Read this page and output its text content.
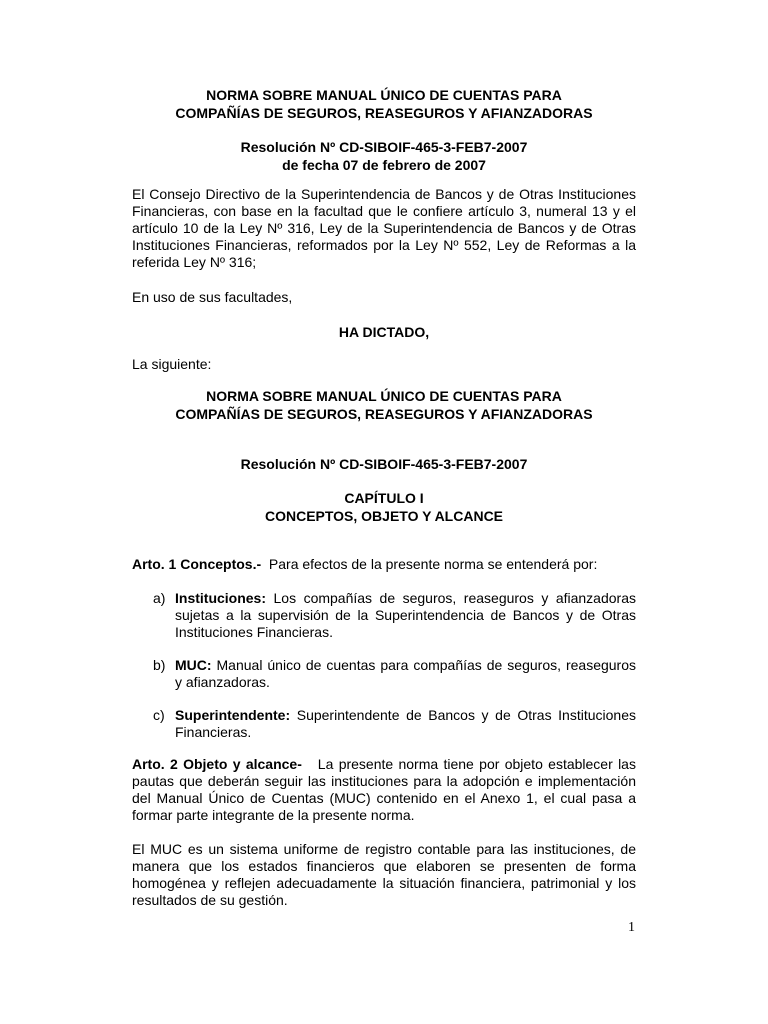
NORMA SOBRE MANUAL ÚNICO DE CUENTAS PARA
COMPAÑÍAS DE SEGUROS, REASEGUROS Y AFIANZADORAS
Resolución Nº CD-SIBOIF-465-3-FEB7-2007
de fecha 07 de febrero de 2007
El Consejo Directivo de la Superintendencia de Bancos y de Otras Instituciones
Financieras, con base en la facultad que le confiere artículo 3, numeral 13 y el
artículo 10 de la Ley Nº 316, Ley de la Superintendencia de Bancos y de Otras
Instituciones Financieras, reformados por la Ley Nº 552, Ley de Reformas a la
referida Ley Nº 316;
En uso de sus facultades,
HA DICTADO,
La siguiente:
NORMA SOBRE MANUAL ÚNICO DE CUENTAS PARA
COMPAÑÍAS DE SEGUROS, REASEGUROS Y AFIANZADORAS
Resolución Nº CD-SIBOIF-465-3-FEB7-2007
CAPÍTULO I
CONCEPTOS, OBJETO Y ALCANCE
Arto. 1 Conceptos.-  Para efectos de la presente norma se entenderá por:
a) Instituciones: Los compañías de seguros, reaseguros y afianzadoras
sujetas a la supervisión de la Superintendencia de Bancos y de Otras
Instituciones Financieras.
b) MUC: Manual único de cuentas para compañías de seguros, reaseguros
y afianzadoras.
c) Superintendente: Superintendente de Bancos y de Otras Instituciones
Financieras.
Arto. 2 Objeto y alcance-   La presente norma tiene por objeto establecer las
pautas que deberán seguir las instituciones para la adopción e implementación
del Manual Único de Cuentas (MUC) contenido en el Anexo 1, el cual pasa a
formar parte integrante de la presente norma.
El MUC es un sistema uniforme de registro contable para las instituciones, de
manera que los estados financieros que elaboren se presenten de forma
homogénea y reflejen adecuadamente la situación financiera, patrimonial y los
resultados de su gestión.
1
